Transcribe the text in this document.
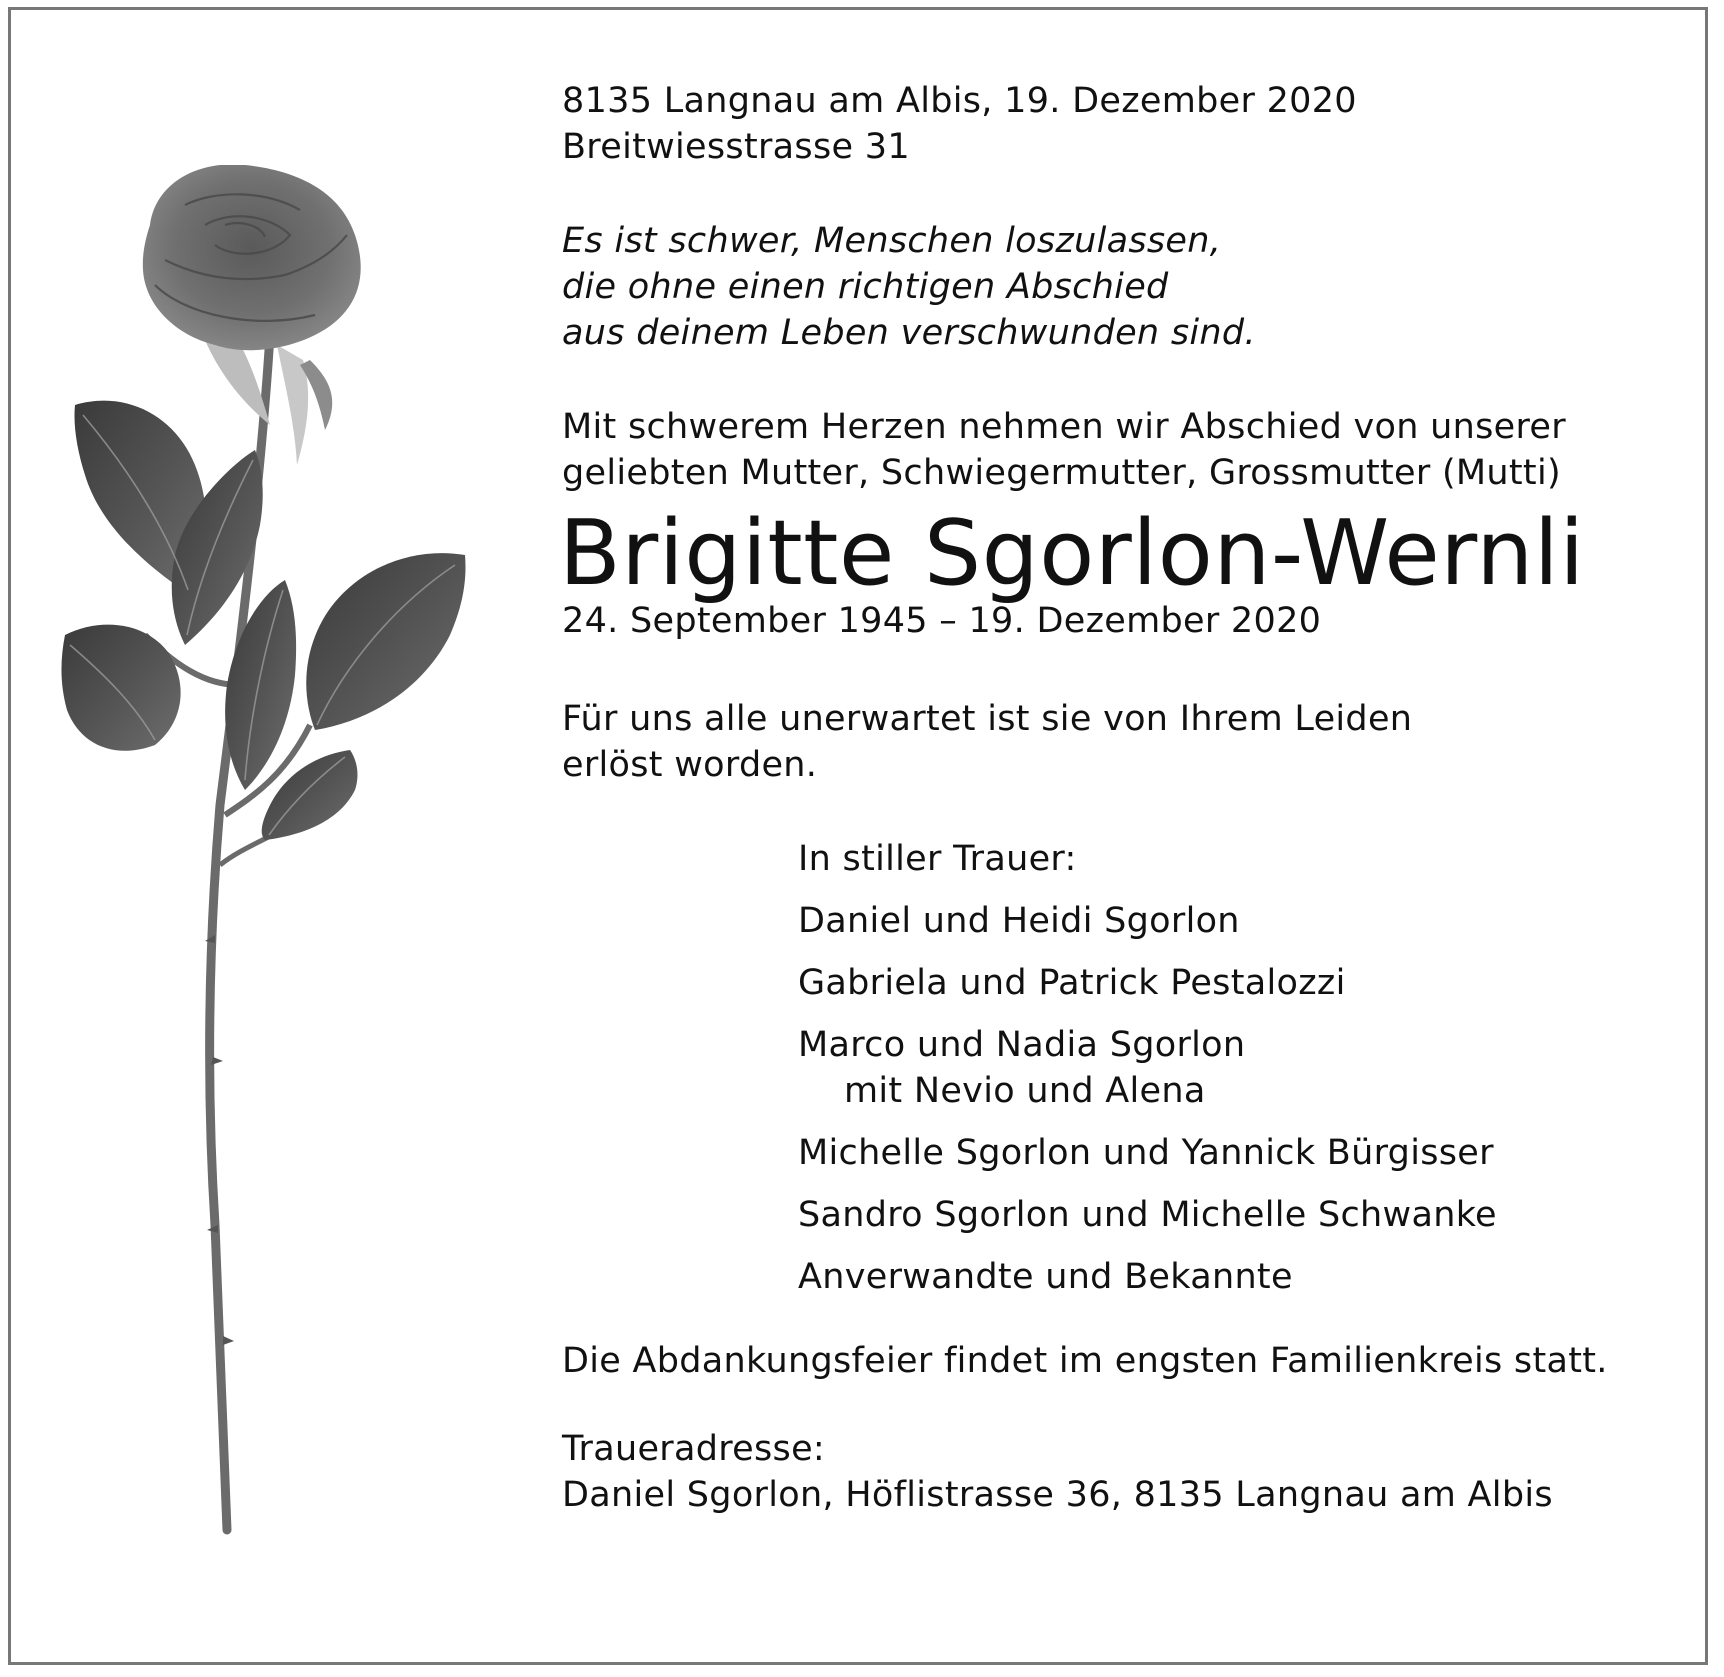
8135 Langnau am Albis, 19. Dezember 2020

Breitwiesstrasse 31

Es ist schwer, Menschen loszulassen,

die ohne einen richtigen Abschied

aus deinem Leben verschwunden sind.

Mit schwerem Herzen nehmen wir Abschied von unserer

geliebten Mutter, Schwiegermutter, Grossmutter (Mutti)

Brigitte Sgorlon-Wernli

24. September 1945 – 19. Dezember 2020

Für uns alle unerwartet ist sie von Ihrem Leiden

erlöst worden.

In stiller Trauer:

Daniel und Heidi Sgorlon

Gabriela und Patrick Pestalozzi

Marco und Nadia Sgorlon

mit Nevio und Alena

Michelle Sgorlon und Yannick Bürgisser

Sandro Sgorlon und Michelle Schwanke

Anverwandte und Bekannte

Die Abdankungsfeier findet im engsten Familienkreis statt.

Traueradresse:

Daniel Sgorlon, Höflistrasse 36, 8135 Langnau am Albis
